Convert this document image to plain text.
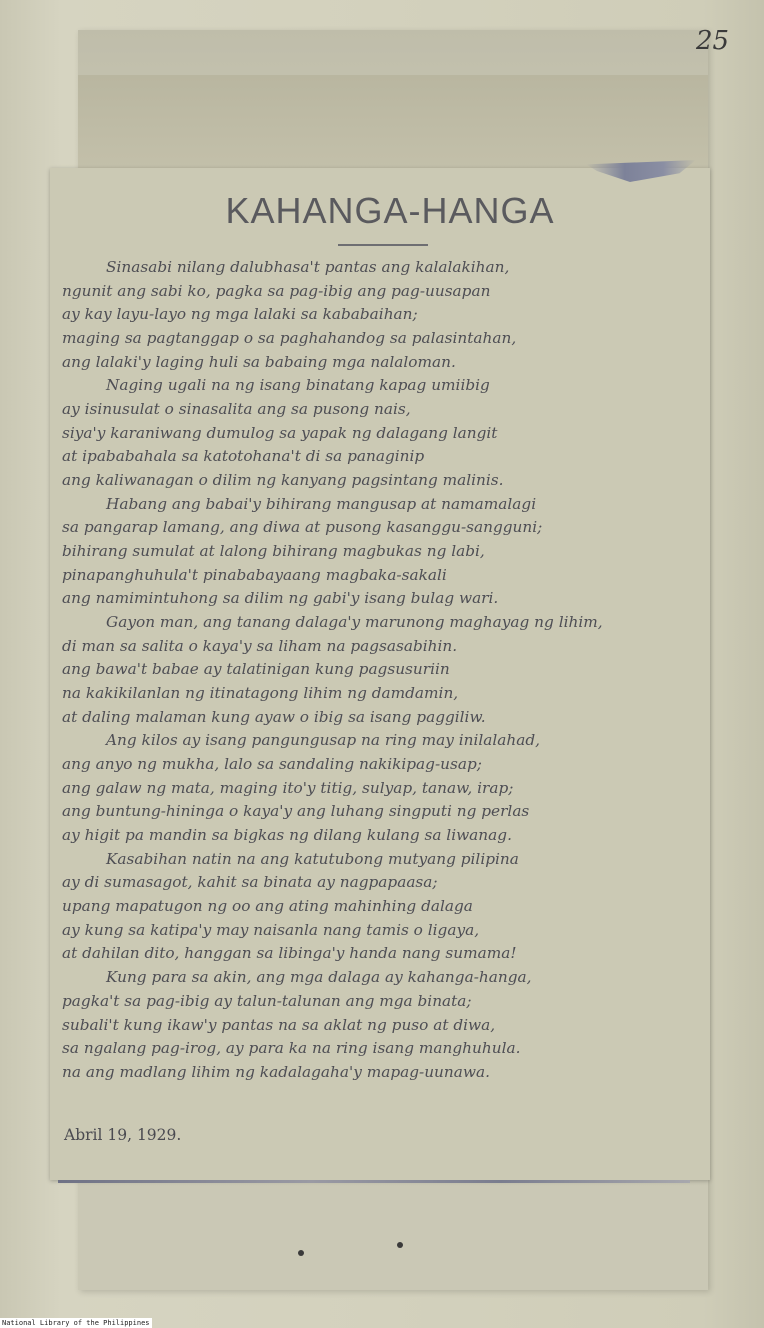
25

KAHANGA-HANGA
Sinasabi nilang dalubhasa't pantas ang kalalakihan,
ngunit ang sabi ko, pagka sa pag-ibig ang pag-uusapan
ay kay layu-layo ng mga lalaki sa kababaihan;
maging sa pagtanggap o sa paghahandog sa palasintahan,
ang lalaki'y laging huli sa babaing mga nalaloman.
Naging ugali na ng isang binatang kapag umiibig
ay isinusulat o sinasalita ang sa pusong nais,
siya'y karaniwang dumulog sa yapak ng dalagang langit
at ipababahala sa katotohana't di sa panaginip
ang kaliwanagan o dilim ng kanyang pagsintang malinis.
Habang ang babai'y bihirang mangusap at namamalagi
sa pangarap lamang, ang diwa at pusong kasanggu-sangguni;
bihirang sumulat at lalong bihirang magbukas ng labi,
pinapanghuhula't pinababayaang magbaka-sakali
ang namimintuhong sa dilim ng gabi'y isang bulag wari.
Gayon man, ang tanang dalaga'y marunong maghayag ng lihim,
di man sa salita o kaya'y sa liham na pagsasabihin.
ang bawa't babae ay talatinigan kung pagsusuriin
na kakikilanlan ng itinatagong lihim ng damdamin,
at daling malaman kung ayaw o ibig sa isang paggiliw.
Ang kilos ay isang pangungusap na ring may inilalahad,
ang anyo ng mukha, lalo sa sandaling nakikipag-usap;
ang galaw ng mata, maging ito'y titig, sulyap, tanaw, irap;
ang buntung-hininga o kaya'y ang luhang singputi ng perlas
ay higit pa mandin sa bigkas ng dilang kulang sa liwanag.
Kasabihan natin na ang katutubong mutyang pilipina
ay di sumasagot, kahit sa binata ay nagpapaasa;
upang mapatugon ng oo ang ating mahinhing dalaga
ay kung sa katipa'y may naisanla nang tamis o ligaya,
at dahilan dito, hanggan sa libinga'y handa nang sumama!
Kung para sa akin, ang mga dalaga ay kahanga-hanga,
pagka't sa pag-ibig ay talun-talunan ang mga binata;
subali't kung ikaw'y pantas na sa aklat ng puso at diwa,
sa ngalang pag-irog, ay para ka na ring isang manghuhula.
na ang madlang lihim ng kadalagaha'y mapag-uunawa.

Abril 19, 1929.

National Library of the Philippines
